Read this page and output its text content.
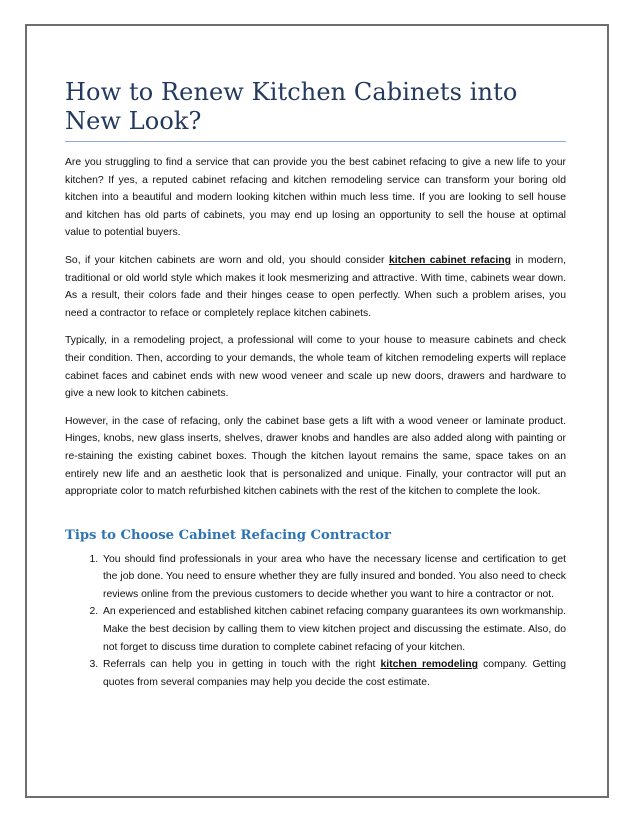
How to Renew Kitchen Cabinets into New Look?

Are you struggling to find a service that can provide you the best cabinet refacing to give a new life to your kitchen? If yes, a reputed cabinet refacing and kitchen remodeling service can transform your boring old kitchen into a beautiful and modern looking kitchen within much less time. If you are looking to sell house and kitchen has old parts of cabinets, you may end up losing an opportunity to sell the house at optimal value to potential buyers.

So, if your kitchen cabinets are worn and old, you should consider kitchen cabinet refacing in modern, traditional or old world style which makes it look mesmerizing and attractive. With time, cabinets wear down. As a result, their colors fade and their hinges cease to open perfectly. When such a problem arises, you need a contractor to reface or completely replace kitchen cabinets.

Typically, in a remodeling project, a professional will come to your house to measure cabinets and check their condition. Then, according to your demands, the whole team of kitchen remodeling experts will replace cabinet faces and cabinet ends with new wood veneer and scale up new doors, drawers and hardware to give a new look to kitchen cabinets.

However, in the case of refacing, only the cabinet base gets a lift with a wood veneer or laminate product. Hinges, knobs, new glass inserts, shelves, drawer knobs and handles are also added along with painting or re-staining the existing cabinet boxes. Though the kitchen layout remains the same, space takes on an entirely new life and an aesthetic look that is personalized and unique. Finally, your contractor will put an appropriate color to match refurbished kitchen cabinets with the rest of the kitchen to complete the look.

Tips to Choose Cabinet Refacing Contractor
1. You should find professionals in your area who have the necessary license and certification to get the job done. You need to ensure whether they are fully insured and bonded. You also need to check reviews online from the previous customers to decide whether you want to hire a contractor or not.
2. An experienced and established kitchen cabinet refacing company guarantees its own workmanship. Make the best decision by calling them to view kitchen project and discussing the estimate. Also, do not forget to discuss time duration to complete cabinet refacing of your kitchen.
3. Referrals can help you in getting in touch with the right kitchen remodeling company. Getting quotes from several companies may help you decide the cost estimate.
